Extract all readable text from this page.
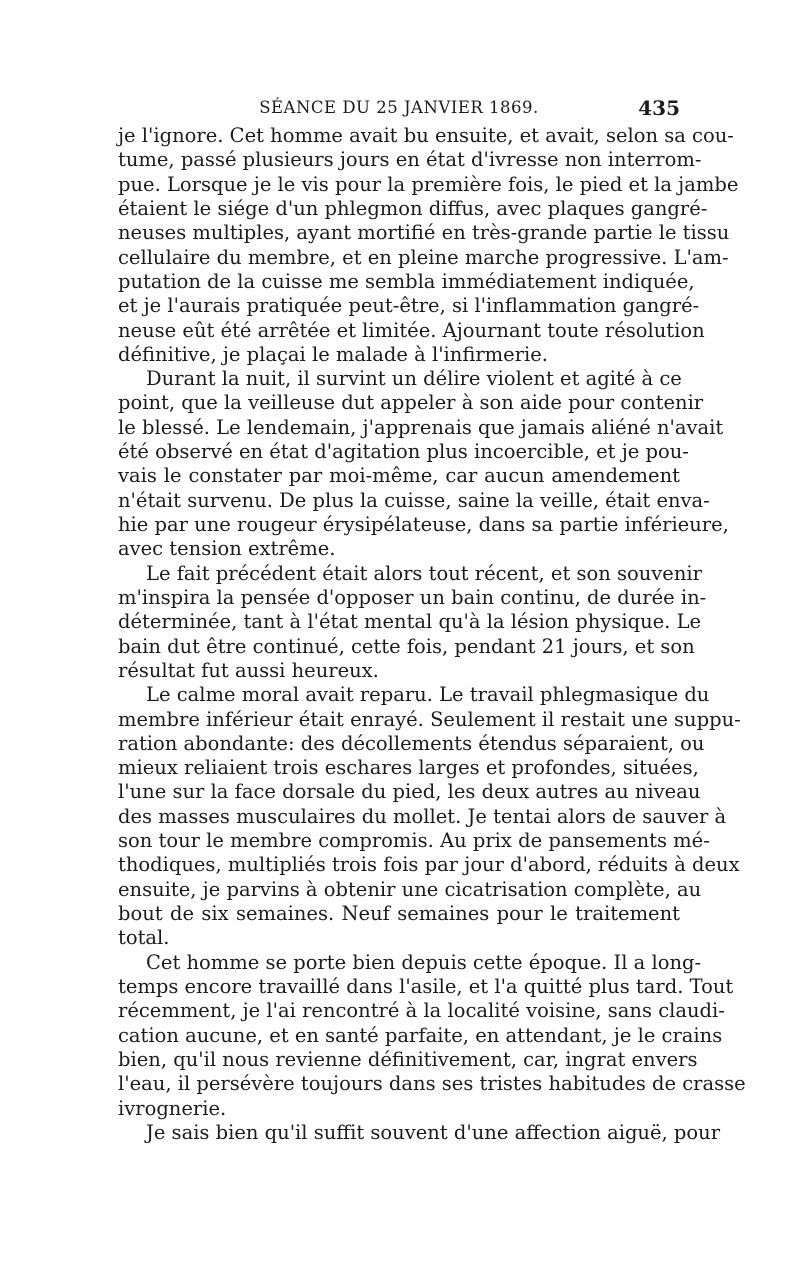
SÉANCE DU 25 JANVIER 1869.	435
je l'ignore. Cet homme avait bu ensuite, et avait, selon sa cou-
tume, passé plusieurs jours en état d'ivresse non interrom-
pue. Lorsque je le vis pour la première fois, le pied et la jambe
étaient le siége d'un phlegmon diffus, avec plaques gangré-
neuses multiples, ayant mortifié en très-grande partie le tissu
cellulaire du membre, et en pleine marche progressive. L'am-
putation de la cuisse me sembla immédiatement indiquée,
et je l'aurais pratiquée peut-être, si l'inflammation gangré-
neuse eût été arrêtée et limitée. Ajournant toute résolution
définitive, je plaçai le malade à l'infirmerie.
Durant la nuit, il survint un délire violent et agité à ce
point, que la veilleuse dut appeler à son aide pour contenir
le blessé. Le lendemain, j'apprenais que jamais aliéné n'avait
été observé en état d'agitation plus incoercible, et je pou-
vais le constater par moi-même, car aucun amendement
n'était survenu. De plus la cuisse, saine la veille, était enva-
hie par une rougeur érysipélateuse, dans sa partie inférieure,
avec tension extrême.
Le fait précédent était alors tout récent, et son souvenir
m'inspira la pensée d'opposer un bain continu, de durée in-
déterminée, tant à l'état mental qu'à la lésion physique. Le
bain dut être continué, cette fois, pendant 21 jours, et son
résultat fut aussi heureux.
Le calme moral avait reparu. Le travail phlegmasique du
membre inférieur était enrayé. Seulement il restait une suppu-
ration abondante: des décollements étendus séparaient, ou
mieux reliaient trois eschares larges et profondes, situées,
l'une sur la face dorsale du pied, les deux autres au niveau
des masses musculaires du mollet. Je tentai alors de sauver à
son tour le membre compromis. Au prix de pansements mé-
thodiques, multipliés trois fois par jour d'abord, réduits à deux
ensuite, je parvins à obtenir une cicatrisation complète, au
bout de six semaines. Neuf semaines pour le traitement
total.
Cet homme se porte bien depuis cette époque. Il a long-
temps encore travaillé dans l'asile, et l'a quitté plus tard. Tout
récemment, je l'ai rencontré à la localité voisine, sans claudi-
cation aucune, et en santé parfaite, en attendant, je le crains
bien, qu'il nous revienne définitivement, car, ingrat envers
l'eau, il persévère toujours dans ses tristes habitudes de crasse
ivrognerie.
Je sais bien qu'il suffit souvent d'une affection aiguë, pour
